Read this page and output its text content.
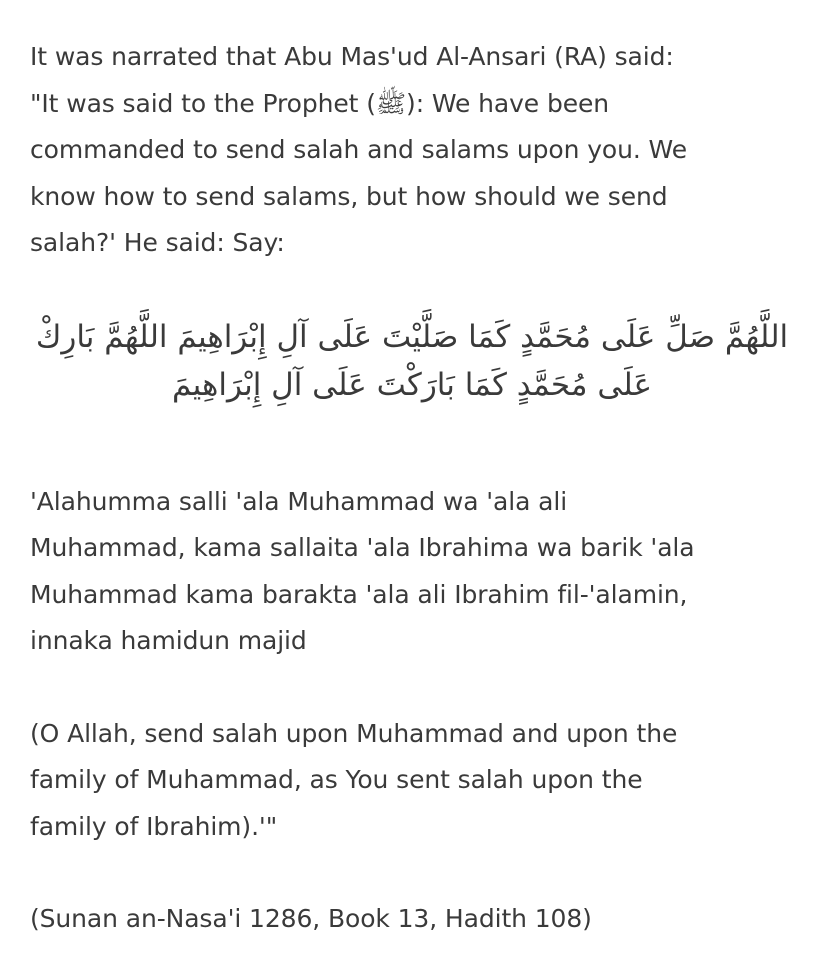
It was narrated that Abu Mas'ud Al-Ansari (RA) said:
"It was said to the Prophet (ﷺ): We have been
commanded to send salah and salams upon you. We
know how to send salams, but how should we send
salah?' He said: Say:

اللَّهُمَّ صَلِّ عَلَى مُحَمَّدٍ كَمَا صَلَّيْتَ عَلَى آلِ إِبْرَاهِيمَ اللَّهُمَّ بَارِكْ
عَلَى مُحَمَّدٍ كَمَا بَارَكْتَ عَلَى آلِ إِبْرَاهِيمَ

'Alahumma salli 'ala Muhammad wa 'ala ali
Muhammad, kama sallaita 'ala Ibrahima wa barik 'ala
Muhammad kama barakta 'ala ali Ibrahim fil-'alamin,
innaka hamidun majid

(O Allah, send salah upon Muhammad and upon the
family of Muhammad, as You sent salah upon the
family of Ibrahim).'"

(Sunan an-Nasa'i 1286, Book 13, Hadith 108)
